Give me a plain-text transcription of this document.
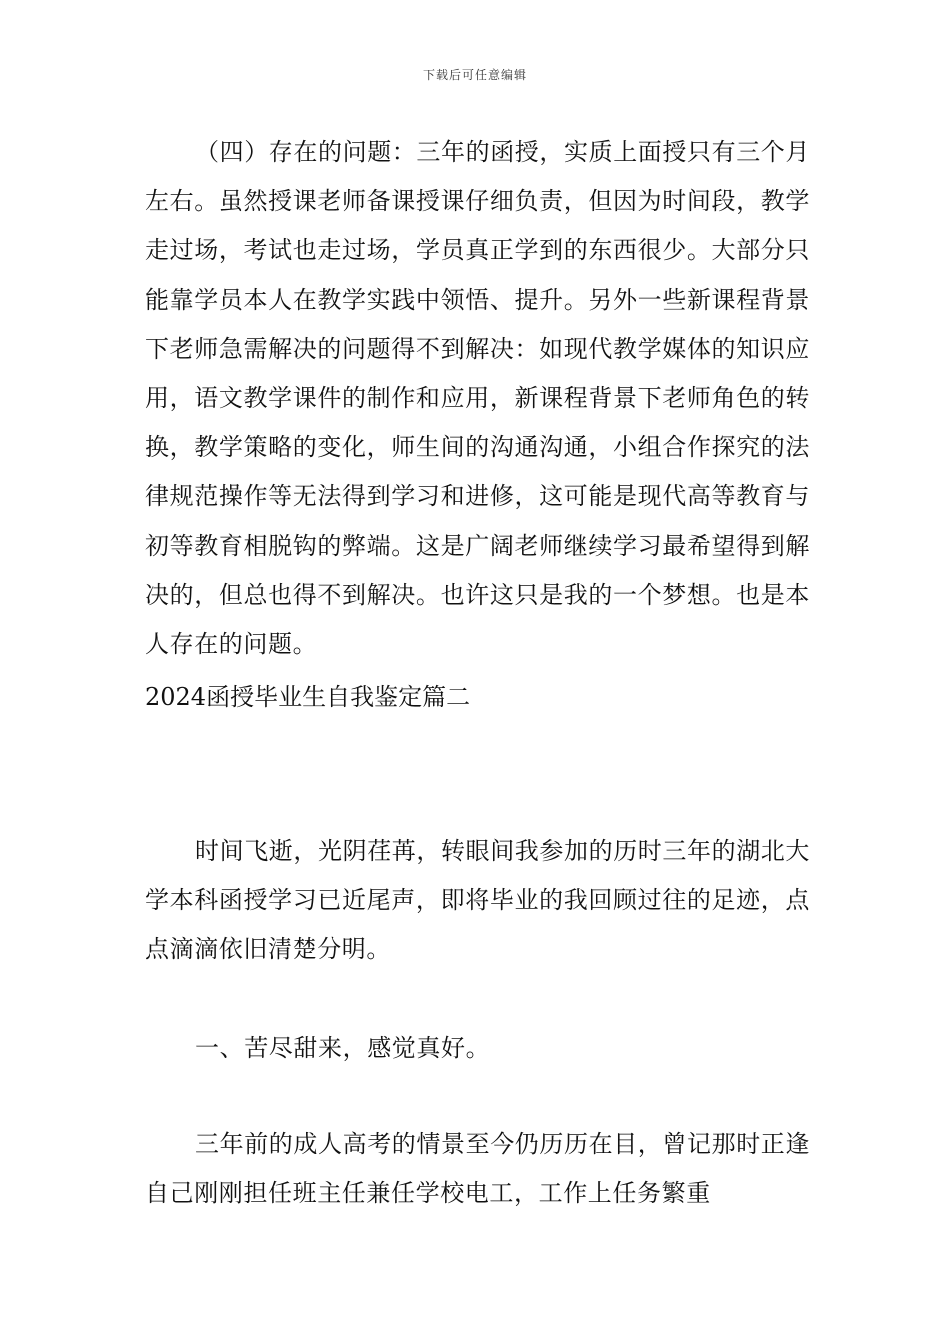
下载后可任意编辑

（四）存在的问题：三年的函授，实质上面授只有三个月左右。虽然授课老师备课授课仔细负责，但因为时间段，教学走过场，考试也走过场，学员真正学到的东西很少。大部分只能靠学员本人在教学实践中领悟、提升。另外一些新课程背景下老师急需解决的问题得不到解决：如现代教学媒体的知识应用，语文教学课件的制作和应用，新课程背景下老师角色的转换，教学策略的变化，师生间的沟通沟通，小组合作探究的法律规范操作等无法得到学习和进修，这可能是现代高等教育与初等教育相脱钩的弊端。这是广阔老师继续学习最希望得到解决的，但总也得不到解决。也许这只是我的一个梦想。也是本人存在的问题。

2024函授毕业生自我鉴定篇二

时间飞逝，光阴荏苒，转眼间我参加的历时三年的湖北大学本科函授学习已近尾声，即将毕业的我回顾过往的足迹，点点滴滴依旧清楚分明。

一、苦尽甜来，感觉真好。

三年前的成人高考的情景至今仍历历在目，曾记那时正逢自己刚刚担任班主任兼任学校电工，工作上任务繁重
